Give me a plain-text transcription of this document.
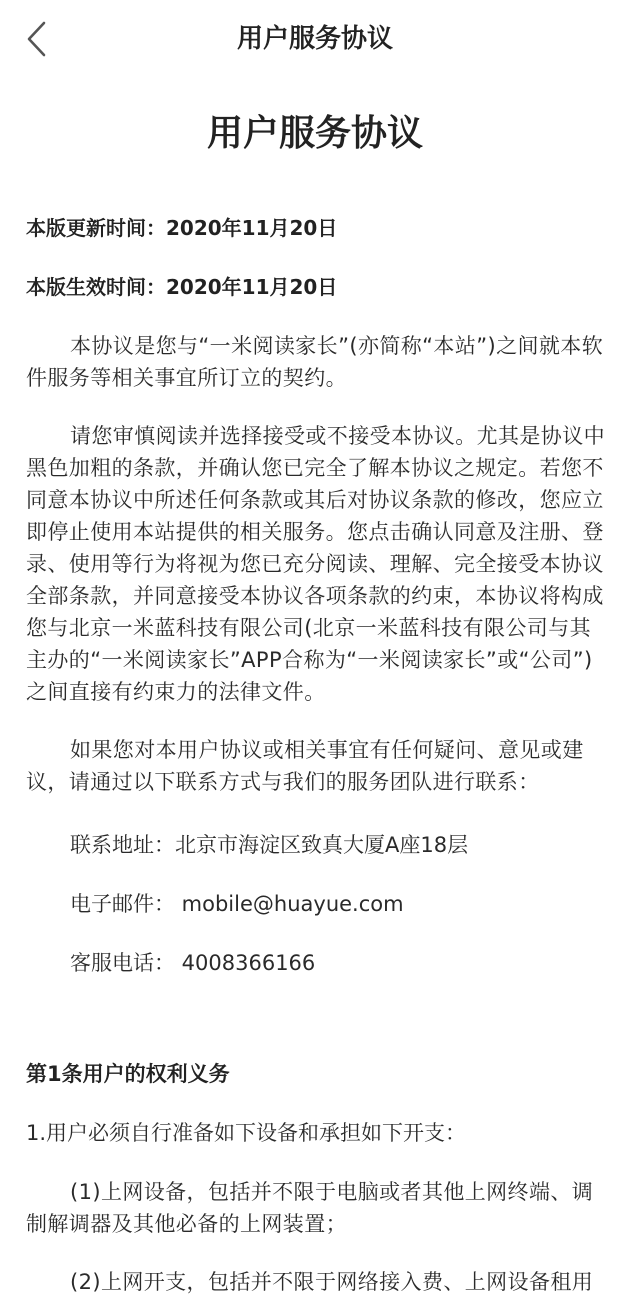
用户服务协议
用户服务协议
本版更新时间：2020年11月20日
本版生效时间：2020年11月20日
本协议是您与“一米阅读家长”(亦简称“本站”)之间就本软件服务等相关事宜所订立的契约。
请您审慎阅读并选择接受或不接受本协议。尤其是协议中黑色加粗的条款，并确认您已完全了解本协议之规定。若您不同意本协议中所述任何条款或其后对协议条款的修改，您应立即停止使用本站提供的相关服务。您点击确认同意及注册、登录、使用等行为将视为您已充分阅读、理解、完全接受本协议全部条款，并同意接受本协议各项条款的约束，本协议将构成您与北京一米蓝科技有限公司(北京一米蓝科技有限公司与其主办的“一米阅读家长”APP合称为“一米阅读家长”或“公司”)之间直接有约束力的法律文件。
如果您对本用户协议或相关事宜有任何疑问、意见或建议，请通过以下联系方式与我们的服务团队进行联系：
联系地址：北京市海淀区致真大厦A座18层
电子邮件： mobile@huayue.com
客服电话： 4008366166
第1条用户的权利义务
1.用户必须自行准备如下设备和承担如下开支：
(1)上网设备，包括并不限于电脑或者其他上网终端、调制解调器及其他必备的上网装置；
(2)上网开支，包括并不限于网络接入费、上网设备租用
